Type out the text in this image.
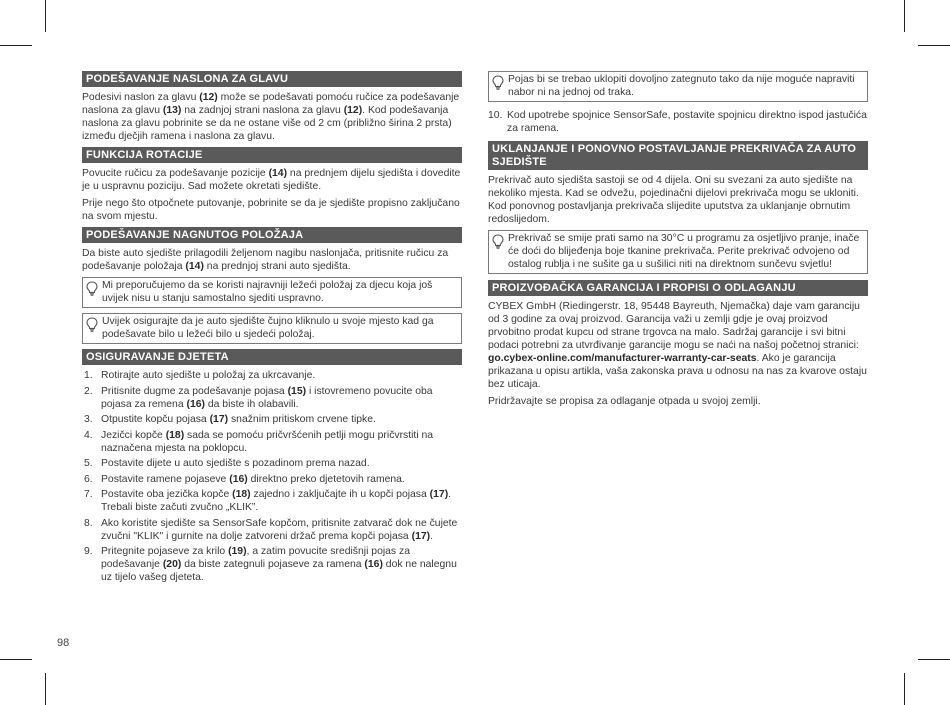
PODEŠAVANJE NASLONA ZA GLAVU

Podesivi naslon za glavu (12) može se podešavati pomoću ručice za podešavanje naslona za glavu (13) na zadnjoj strani naslona za glavu (12). Kod podešavanja naslona za glavu pobrinite se da ne ostane više od 2 cm (približno širina 2 prsta) između dječjih ramena i naslona za glavu.

FUNKCIJA ROTACIJE

Povucite ručicu za podešavanje pozicije (14) na prednjem dijelu sjedišta i dovedite je u uspravnu poziciju. Sad možete okretati sjedište.

Prije nego što otpočnete putovanje, pobrinite se da je sjedište propisno zaključano na svom mjestu.

PODEŠAVANJE NAGNUTOG POLOŽAJA

Da biste auto sjedište prilagodili željenom nagibu naslonjača, pritisnite ručicu za podešavanje položaja (14) na prednjoj strani auto sjedišta.

Mi preporučujemo da se koristi najravniji ležeći položaj za djecu koja još uvijek nisu u stanju samostalno sjediti uspravno.
Uvijek osigurajte da je auto sjedište čujno kliknulo u svoje mjesto kad ga podešavate bilo u ležeći bilo u sjedeći položaj.
OSIGURAVANJE DJETETA
1. Rotirajte auto sjedište u položaj za ukrcavanje.
2. Pritisnite dugme za podešavanje pojasa (15) i istovremeno povucite oba pojasa za remena (16) da biste ih olabavili.
3. Otpustite kopču pojasa (17) snažnim pritiskom crvene tipke.
4. Jezičci kopče (18) sada se pomoću pričvršćenih petlji mogu pričvrstiti na naznačena mjesta na poklopcu.
5. Postavite dijete u auto sjedište s pozadinom prema nazad.
6. Postavite ramene pojaseve (16) direktno preko djetetovih ramena.
7. Postavite oba jezička kopče (18) zajedno i zaključajte ih u kopči pojasa (17). Trebali biste začuti zvučno „KLIK”.
8. Ako koristite sjedište sa SensorSafe kopčom, pritisnite zatvarač dok ne čujete zvučni "KLIK" i gurnite na dolje zatvoreni držač prema kopči pojasa (17).
9. Pritegnite pojaseve za krilo (19), a zatim povucite središnji pojas za podešavanje (20) da biste zategnuli pojaseve za ramena (16) dok ne nalegnu uz tijelo vašeg djeteta.
Pojas bi se trebao uklopiti dovoljno zategnuto tako da nije moguće napraviti nabor ni na jednoj od traka.
10. Kod upotrebe spojnice SensorSafe, postavite spojnicu direktno ispod jastučića za ramena.
UKLANJANJE I PONOVNO POSTAVLJANJE PREKRIVAČA ZA AUTO SJEDIŠTE

Prekrivač auto sjedišta sastoji se od 4 dijela. Oni su svezani za auto sjedište na nekoliko mjesta. Kad se odvežu, pojedinačni dijelovi prekrivača mogu se ukloniti. Kod ponovnog postavljanja prekrivača slijedite uputstva za uklanjanje obrnutim redoslijedom.

Prekrivač se smije prati samo na 30°C u programu za osjetljivo pranje, inače će doći do blijeđenja boje tkanine prekrivača. Perite prekrivač odvojeno od ostalog rublja i ne sušite ga u sušilici niti na direktnom sunčevu svjetlu!
PROIZVOĐAČKA GARANCIJA I PROPISI O ODLAGANJU

CYBEX GmbH (Riedingerstr. 18, 95448 Bayreuth, Njemačka) daje vam garanciju od 3 godine za ovaj proizvod. Garancija važi u zemlji gdje je ovaj proizvod prvobitno prodat kupcu od strane trgovca na malo. Sadržaj garancije i svi bitni podaci potrebni za utvrđivanje garancije mogu se naći na našoj početnoj stranici: go.cybex-online.com/manufacturer-warranty-car-seats. Ako je garancija prikazana u opisu artikla, vaša zakonska prava u odnosu na nas za kvarove ostaju bez uticaja.

Pridržavajte se propisa za odlaganje otpada u svojoj zemlji.

98
